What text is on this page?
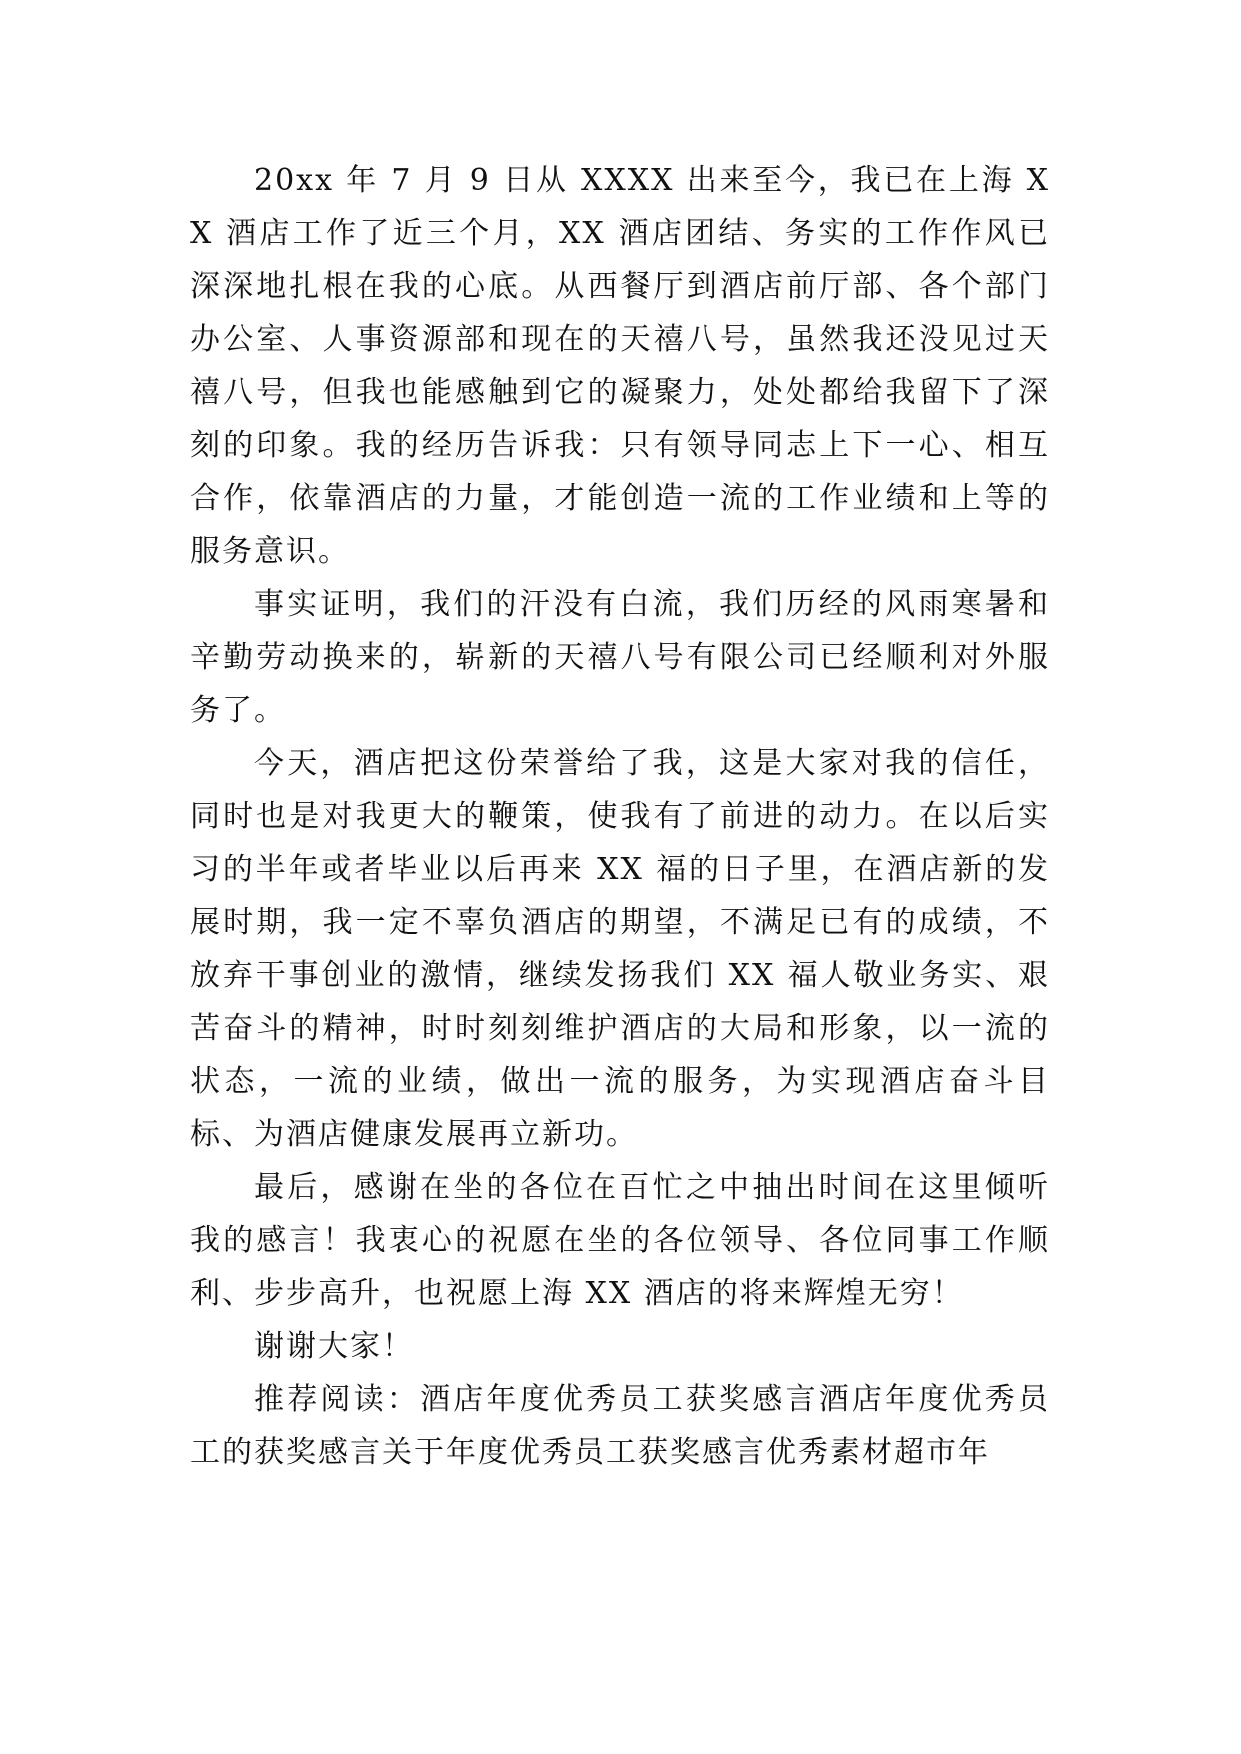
20xx 年 7 月 9 日从 XXXX 出来至今，我已在上海 XX 酒店工作了近三个月，XX 酒店团结、务实的工作作风已深深地扎根在我的心底。从西餐厅到酒店前厅部、各个部门办公室、人事资源部和现在的天禧八号，虽然我还没见过天禧八号，但我也能感触到它的凝聚力，处处都给我留下了深刻的印象。我的经历告诉我：只有领导同志上下一心、相互合作，依靠酒店的力量，才能创造一流的工作业绩和上等的服务意识。

事实证明，我们的汗没有白流，我们历经的风雨寒暑和辛勤劳动换来的，崭新的天禧八号有限公司已经顺利对外服务了。

今天，酒店把这份荣誉给了我，这是大家对我的信任，同时也是对我更大的鞭策，使我有了前进的动力。在以后实习的半年或者毕业以后再来 XX 福的日子里，在酒店新的发展时期，我一定不辜负酒店的期望，不满足已有的成绩，不放弃干事创业的激情，继续发扬我们 XX 福人敬业务实、艰苦奋斗的精神，时时刻刻维护酒店的大局和形象，以一流的状态，一流的业绩，做出一流的服务，为实现酒店奋斗目标、为酒店健康发展再立新功。

最后，感谢在坐的各位在百忙之中抽出时间在这里倾听我的感言！我衷心的祝愿在坐的各位领导、各位同事工作顺利、步步高升，也祝愿上海 XX 酒店的将来辉煌无穷！

谢谢大家！

推荐阅读：酒店年度优秀员工获奖感言酒店年度优秀员工的获奖感言关于年度优秀员工获奖感言优秀素材超市年
